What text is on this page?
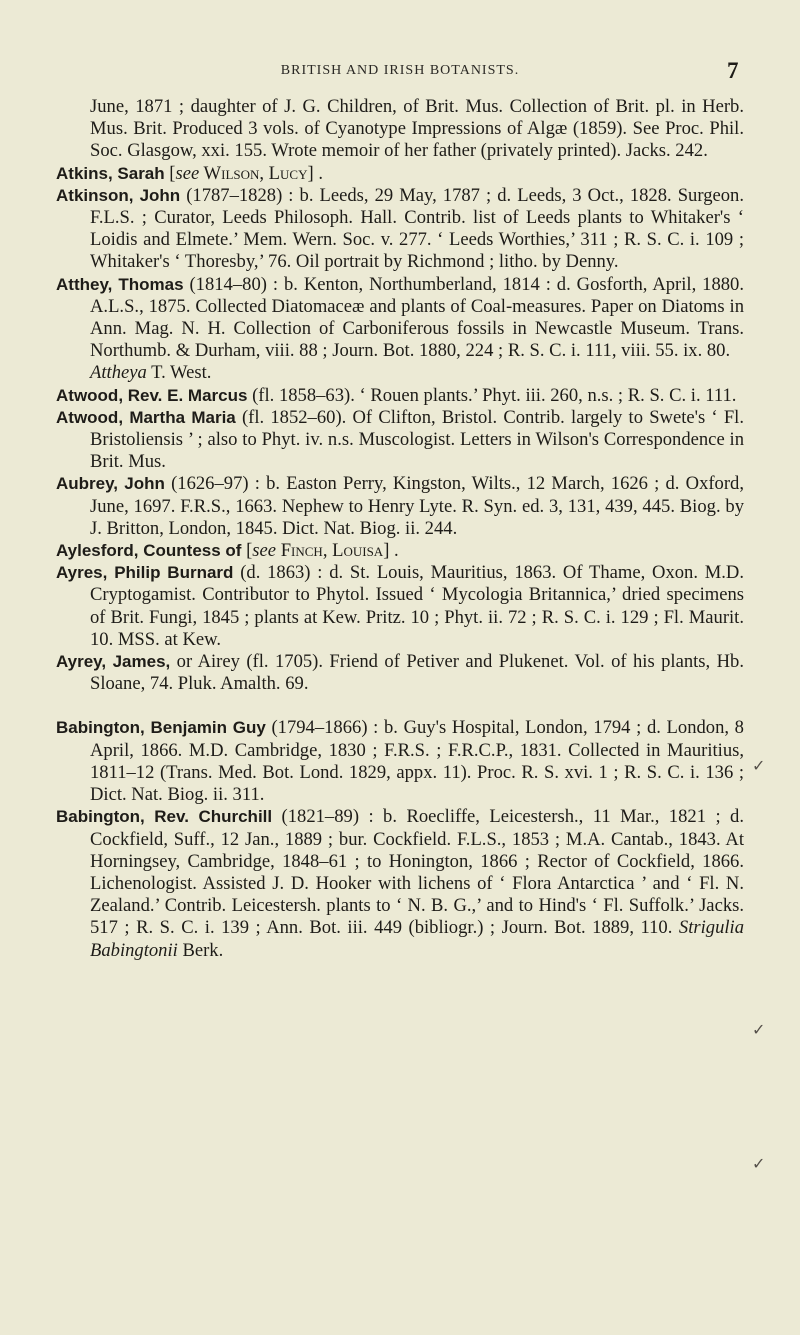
BRITISH AND IRISH BOTANISTS.	7

June, 1871 ; daughter of J. G. Children, of Brit. Mus. Collection of Brit. pl. in Herb. Mus. Brit. Produced 3 vols. of Cyanotype Impressions of Algæ (1859). See Proc. Phil. Soc. Glasgow, xxi. 155. Wrote memoir of her father (privately printed). Jacks. 242.

Atkins, Sarah [see Wilson, Lucy] .

Atkinson, John (1787–1828) : b. Leeds, 29 May, 1787 ; d. Leeds, 3 Oct., 1828. Surgeon. F.L.S. ; Curator, Leeds Philosoph. Hall. Contrib. list of Leeds plants to Whitaker's ‘ Loidis and Elmete.’ Mem. Wern. Soc. v. 277. ‘ Leeds Worthies,’ 311 ; R. S. C. i. 109 ; Whitaker's ‘ Thoresby,’ 76. Oil portrait by Richmond ; litho. by Denny.

Atthey, Thomas (1814–80) : b. Kenton, Northumberland, 1814 : d. Gosforth, April, 1880. A.L.S., 1875. Collected Diatomaceæ and plants of Coal-measures. Paper on Diatoms in Ann. Mag. N. H. Collection of Carboniferous fossils in Newcastle Museum. Trans. Northumb. & Durham, viii. 88 ; Journ. Bot. 1880, 224 ; R. S. C. i. 111, viii. 55. ix. 80.
Attheya T. West.

Atwood, Rev. E. Marcus (fl. 1858–63). ‘ Rouen plants.’ Phyt. iii. 260, n.s. ; R. S. C. i. 111.

Atwood, Martha Maria (fl. 1852–60). Of Clifton, Bristol. Contrib. largely to Swete's ‘ Fl. Bristoliensis ’ ; also to Phyt. iv. n.s. Muscologist. Letters in Wilson's Correspondence in Brit. Mus.

Aubrey, John (1626–97) : b. Easton Perry, Kingston, Wilts., 12 March, 1626 ; d. Oxford, June, 1697. F.R.S., 1663. Nephew to Henry Lyte. R. Syn. ed. 3, 131, 439, 445. Biog. by J. Britton, London, 1845. Dict. Nat. Biog. ii. 244.

Aylesford, Countess of [see Finch, Louisa] .

Ayres, Philip Burnard (d. 1863) : d. St. Louis, Mauritius, 1863. Of Thame, Oxon. M.D. Cryptogamist. Contributor to Phytol. Issued ‘ Mycologia Britannica,’ dried specimens of Brit. Fungi, 1845 ; plants at Kew. Pritz. 10 ; Phyt. ii. 72 ; R. S. C. i. 129 ; Fl. Maurit. 10. MSS. at Kew.

Ayrey, James, or Airey (fl. 1705). Friend of Petiver and Plukenet. Vol. of his plants, Hb. Sloane, 74. Pluk. Amalth. 69.

Babington, Benjamin Guy (1794–1866) : b. Guy's Hospital, London, 1794 ; d. London, 8 April, 1866. M.D. Cambridge, 1830 ; F.R.S. ; F.R.C.P., 1831. Collected in Mauritius, 1811–12 (Trans. Med. Bot. Lond. 1829, appx. 11). Proc. R. S. xvi. 1 ; R. S. C. i. 136 ; Dict. Nat. Biog. ii. 311.

Babington, Rev. Churchill (1821–89) : b. Roecliffe, Leicestersh., 11 Mar., 1821 ; d. Cockfield, Suff., 12 Jan., 1889 ; bur. Cockfield. F.L.S., 1853 ; M.A. Cantab., 1843. At Horningsey, Cambridge, 1848–61 ; to Honington, 1866 ; Rector of Cockfield, 1866. Lichenologist. Assisted J. D. Hooker with lichens of ‘ Flora Antarctica ’ and ‘ Fl. N. Zealand.’ Contrib. Leicestersh. plants to ‘ N. B. G.,’ and to Hind's ‘ Fl. Suffolk.’ Jacks. 517 ; R. S. C. i. 139 ; Ann. Bot. iii. 449 (bibliogr.) ; Journ. Bot. 1889, 110. Strigulia Babingtonii Berk.

✓
✓
✓
